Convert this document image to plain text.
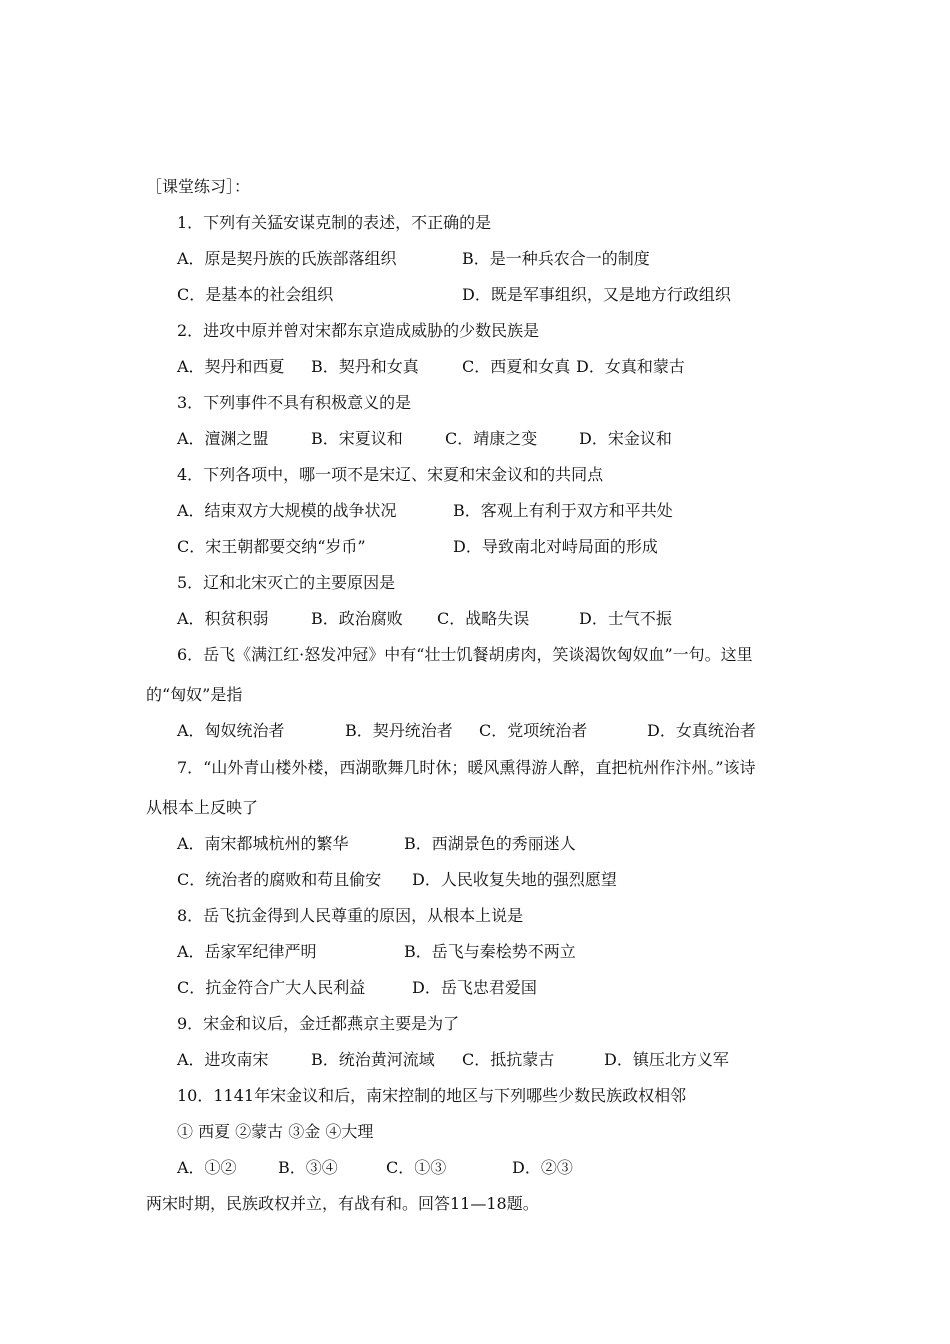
［课堂练习］：
1．下列有关猛安谋克制的表述，不正确的是
A．原是契丹族的氏族部落组织	B．是一种兵农合一的制度
C．是基本的社会组织	D．既是军事组织，又是地方行政组织
2．进攻中原并曾对宋都东京造成威胁的少数民族是
A．契丹和西夏 B．契丹和女真	C．西夏和女真 D．女真和蒙古
3．下列事件不具有积极意义的是
A．澶渊之盟	B．宋夏议和	C．靖康之变	D．宋金议和
4．下列各项中，哪一项不是宋辽、宋夏和宋金议和的共同点
A．结束双方大规模的战争状况	B．客观上有利于双方和平共处
C．宋王朝都要交纳“岁币”	D．导致南北对峙局面的形成
5．辽和北宋灭亡的主要原因是
A．积贫积弱	B．政治腐败 C．战略失误	D．士气不振
6．岳飞《满江红·怒发冲冠》中有“壮士饥餐胡虏肉，笑谈渴饮匈奴血”一句。这里
的“匈奴”是指
A．匈奴统治者	B．契丹统治者 C．党项统治者	D．女真统治者
7．“山外青山楼外楼，西湖歌舞几时休；暖风熏得游人醉，直把杭州作汴州。”该诗
从根本上反映了
A．南宋都城杭州的繁华	B．西湖景色的秀丽迷人
C．统治者的腐败和苟且偷安 D．人民收复失地的强烈愿望
8．岳飞抗金得到人民尊重的原因，从根本上说是
A．岳家军纪律严明	B．岳飞与秦桧势不两立
C．抗金符合广大人民利益	D．岳飞忠君爱国
9．宋金和议后，金迁都燕京主要是为了
A．进攻南宋	B．统治黄河流域 C．抵抗蒙古	D．镇压北方义军
10．1141年宋金议和后，南宋控制的地区与下列哪些少数民族政权相邻
① 西夏 ②蒙古 ③金 ④大理
A．①②	B．③④	C．①③	D．②③
两宋时期，民族政权并立，有战有和。回答11—18题。
